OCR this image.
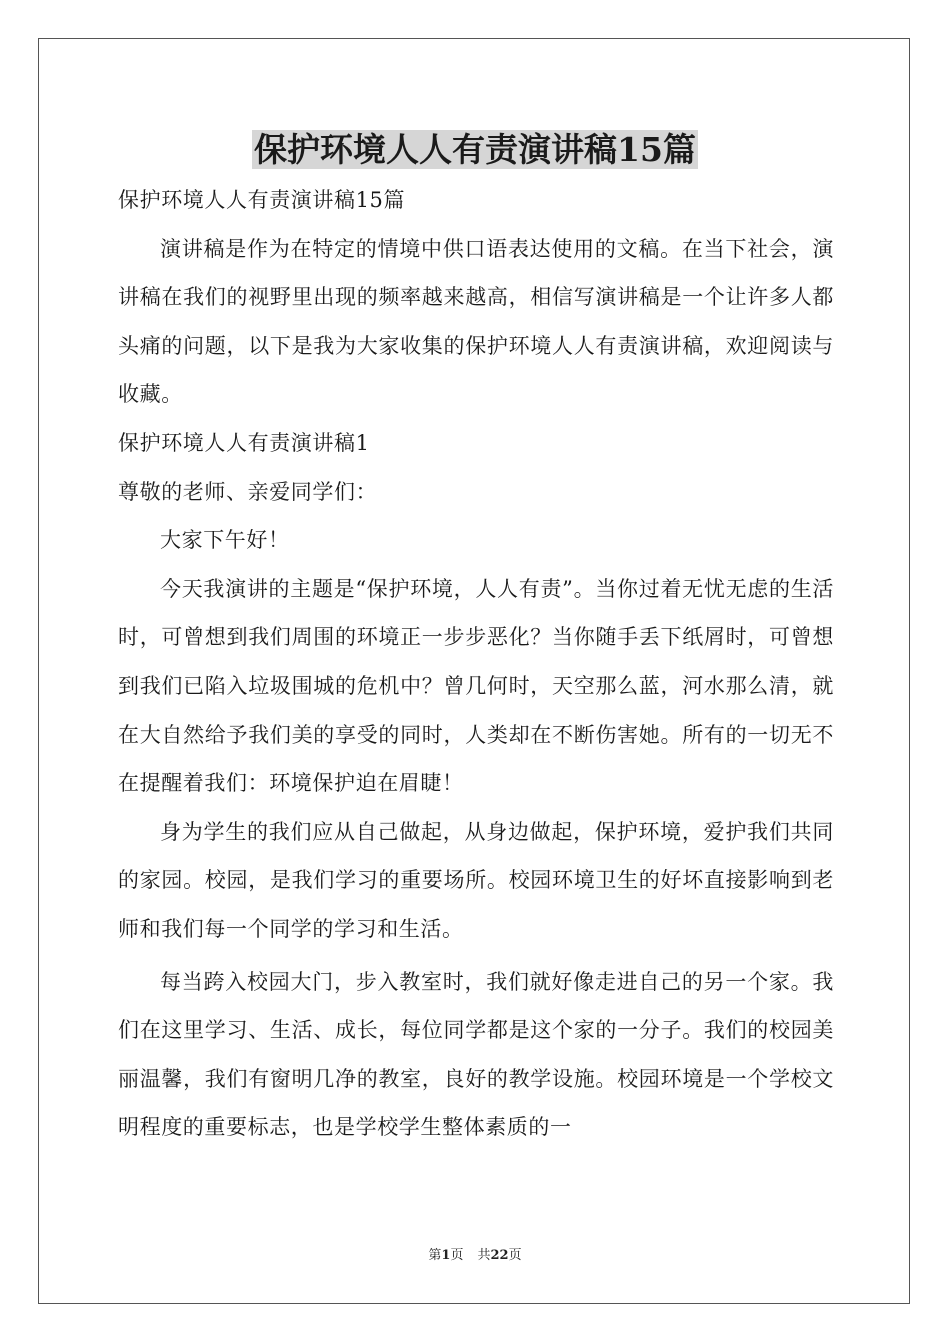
保护环境人人有责演讲稿15篇

保护环境人人有责演讲稿15篇

演讲稿是作为在特定的情境中供口语表达使用的文稿。在当下社会，演讲稿在我们的视野里出现的频率越来越高，相信写演讲稿是一个让许多人都头痛的问题，以下是我为大家收集的保护环境人人有责演讲稿，欢迎阅读与收藏。

保护环境人人有责演讲稿1

尊敬的老师、亲爱同学们：

大家下午好！

今天我演讲的主题是“保护环境，人人有责”。当你过着无忧无虑的生活时，可曾想到我们周围的环境正一步步恶化？当你随手丢下纸屑时，可曾想到我们已陷入垃圾围城的危机中？曾几何时，天空那么蓝，河水那么清，就在大自然给予我们美的享受的同时，人类却在不断伤害她。所有的一切无不在提醒着我们：环境保护迫在眉睫！

身为学生的我们应从自己做起，从身边做起，保护环境，爱护我们共同的家园。校园，是我们学习的重要场所。校园环境卫生的好坏直接影响到老师和我们每一个同学的学习和生活。

每当跨入校园大门，步入教室时，我们就好像走进自己的另一个家。我们在这里学习、生活、成长，每位同学都是这个家的一分子。我们的校园美丽温馨，我们有窗明几净的教室，良好的教学设施。校园环境是一个学校文明程度的重要标志，也是学校学生整体素质的一

第1页 共22页
